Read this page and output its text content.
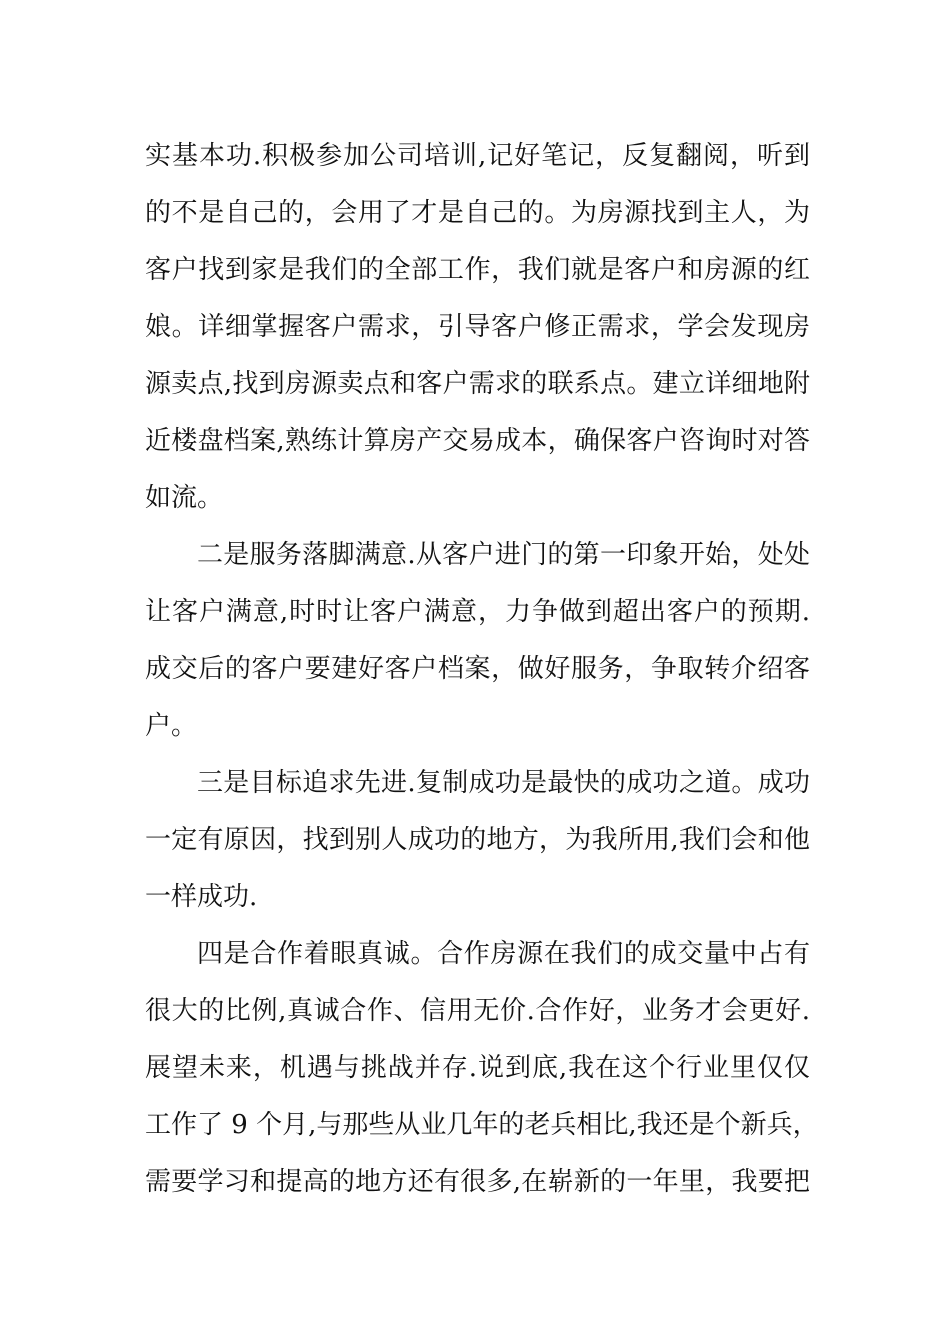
实基本功.积极参加公司培训,记好笔记，反复翻阅，听到
的不是自己的，会用了才是自己的。为房源找到主人，为
客户找到家是我们的全部工作，我们就是客户和房源的红
娘。详细掌握客户需求，引导客户修正需求，学会发现房
源卖点,找到房源卖点和客户需求的联系点。建立详细地附
近楼盘档案,熟练计算房产交易成本，确保客户咨询时对答
如流。
二是服务落脚满意.从客户进门的第一印象开始，处处
让客户满意,时时让客户满意，力争做到超出客户的预期.
成交后的客户要建好客户档案，做好服务，争取转介绍客
户。
三是目标追求先进.复制成功是最快的成功之道。成功
一定有原因，找到别人成功的地方，为我所用,我们会和他
一样成功.
四是合作着眼真诚。合作房源在我们的成交量中占有
很大的比例,真诚合作、信用无价.合作好，业务才会更好.
展望未来，机遇与挑战并存.说到底,我在这个行业里仅仅
工作了 9 个月,与那些从业几年的老兵相比,我还是个新兵，
需要学习和提高的地方还有很多,在崭新的一年里，我要把
